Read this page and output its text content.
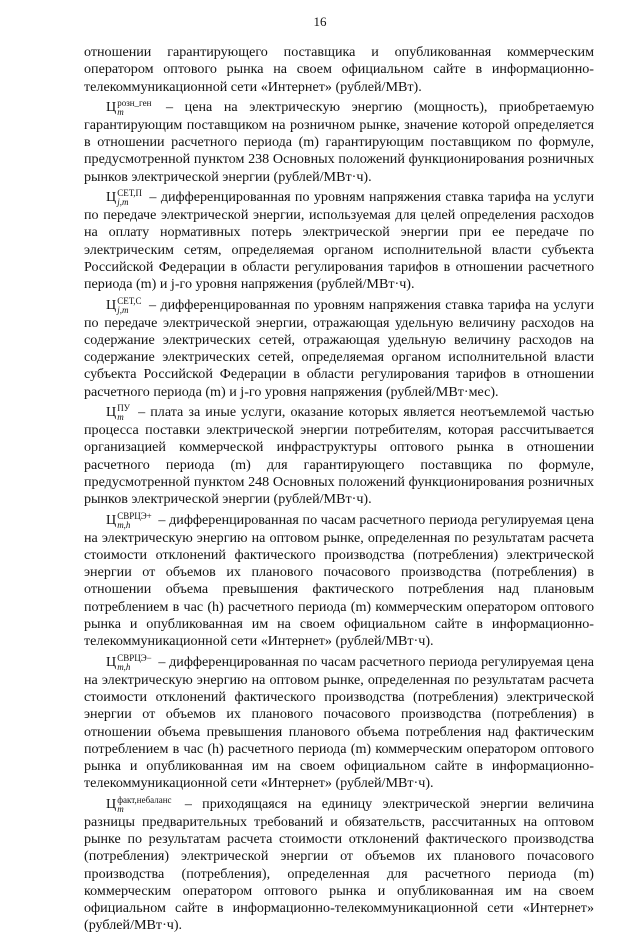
16

отношении гарантирующего поставщика и опубликованная коммерческим оператором оптового рынка на своем официальном сайте в информационно-телекоммуникационной сети «Интернет» (рублей/МВт).

Ц розн_ген
m	– цена на электрическую энергию (мощность), приобретаемую гарантирующим поставщиком на розничном рынке, значение которой определяется в отношении расчетного периода (m) гарантирующим поставщиком по формуле, предусмотренной пунктом 238 Основных положений функционирования розничных рынков электрической энергии (рублей/МВт·ч).

Ц СЕТ,П
j,m	– дифференцированная по уровням напряжения ставка тарифа на услуги по передаче электрической энергии, используемая для целей определения расходов на оплату нормативных потерь электрической энергии при ее передаче по электрическим сетям, определяемая органом исполнительной власти субъекта Российской Федерации в области регулирования тарифов в отношении расчетного периода (m) и j-го уровня напряжения (рублей/МВт·ч).

Ц СЕТ,С
j,m	– дифференцированная по уровням напряжения ставка тарифа на услуги по передаче электрической энергии, отражающая удельную величину расходов на содержание электрических сетей, отражающая удельную величину расходов на содержание электрических сетей, определяемая органом исполнительной власти субъекта Российской Федерации в области регулирования тарифов в отношении расчетного периода (m) и j-го уровня напряжения (рублей/МВт·мес).

Ц ПУ
m	– плата за иные услуги, оказание которых является неотъемлемой частью процесса поставки электрической энергии потребителям, которая рассчитывается организацией коммерческой инфраструктуры оптового рынка в отношении расчетного периода (m) для гарантирующего поставщика по формуле, предусмотренной пунктом 248 Основных положений функционирования розничных рынков электрической энергии (рублей/МВт·ч).

Ц СВРЦЭ+
m,h	– дифференцированная по часам расчетного периода регулируемая цена на электрическую энергию на оптовом рынке, определенная по результатам расчета стоимости отклонений фактического производства (потребления) электрической энергии от объемов их планового почасового производства (потребления) в отношении объема превышения фактического потребления над плановым потреблением в час (h) расчетного периода (m) коммерческим оператором оптового рынка и опубликованная им на своем официальном сайте в информационно-телекоммуникационной сети «Интернет» (рублей/МВт·ч).

Ц СВРЦЭ−
m,h	– дифференцированная по часам расчетного периода регулируемая цена на электрическую энергию на оптовом рынке, определенная по результатам расчета стоимости отклонений фактического производства (потребления) электрической энергии от объемов их планового почасового производства (потребления) в отношении объема превышения планового объема потребления над фактическим потреблением в час (h) расчетного периода (m) коммерческим оператором оптового рынка и опубликованная им на своем официальном сайте в информационно-телекоммуникационной сети «Интернет» (рублей/МВт·ч).

Ц факт,небаланс
m	– приходящаяся на единицу электрической энергии величина разницы предварительных требований и обязательств, рассчитанных на оптовом рынке по результатам расчета стоимости отклонений фактического производства (потребления) электрической энергии от объемов их планового почасового производства (потребления), определенная для расчетного периода (m) коммерческим оператором оптового рынка и опубликованная им на своем официальном сайте в информационно-телекоммуникационной сети «Интернет» (рублей/МВт·ч).
